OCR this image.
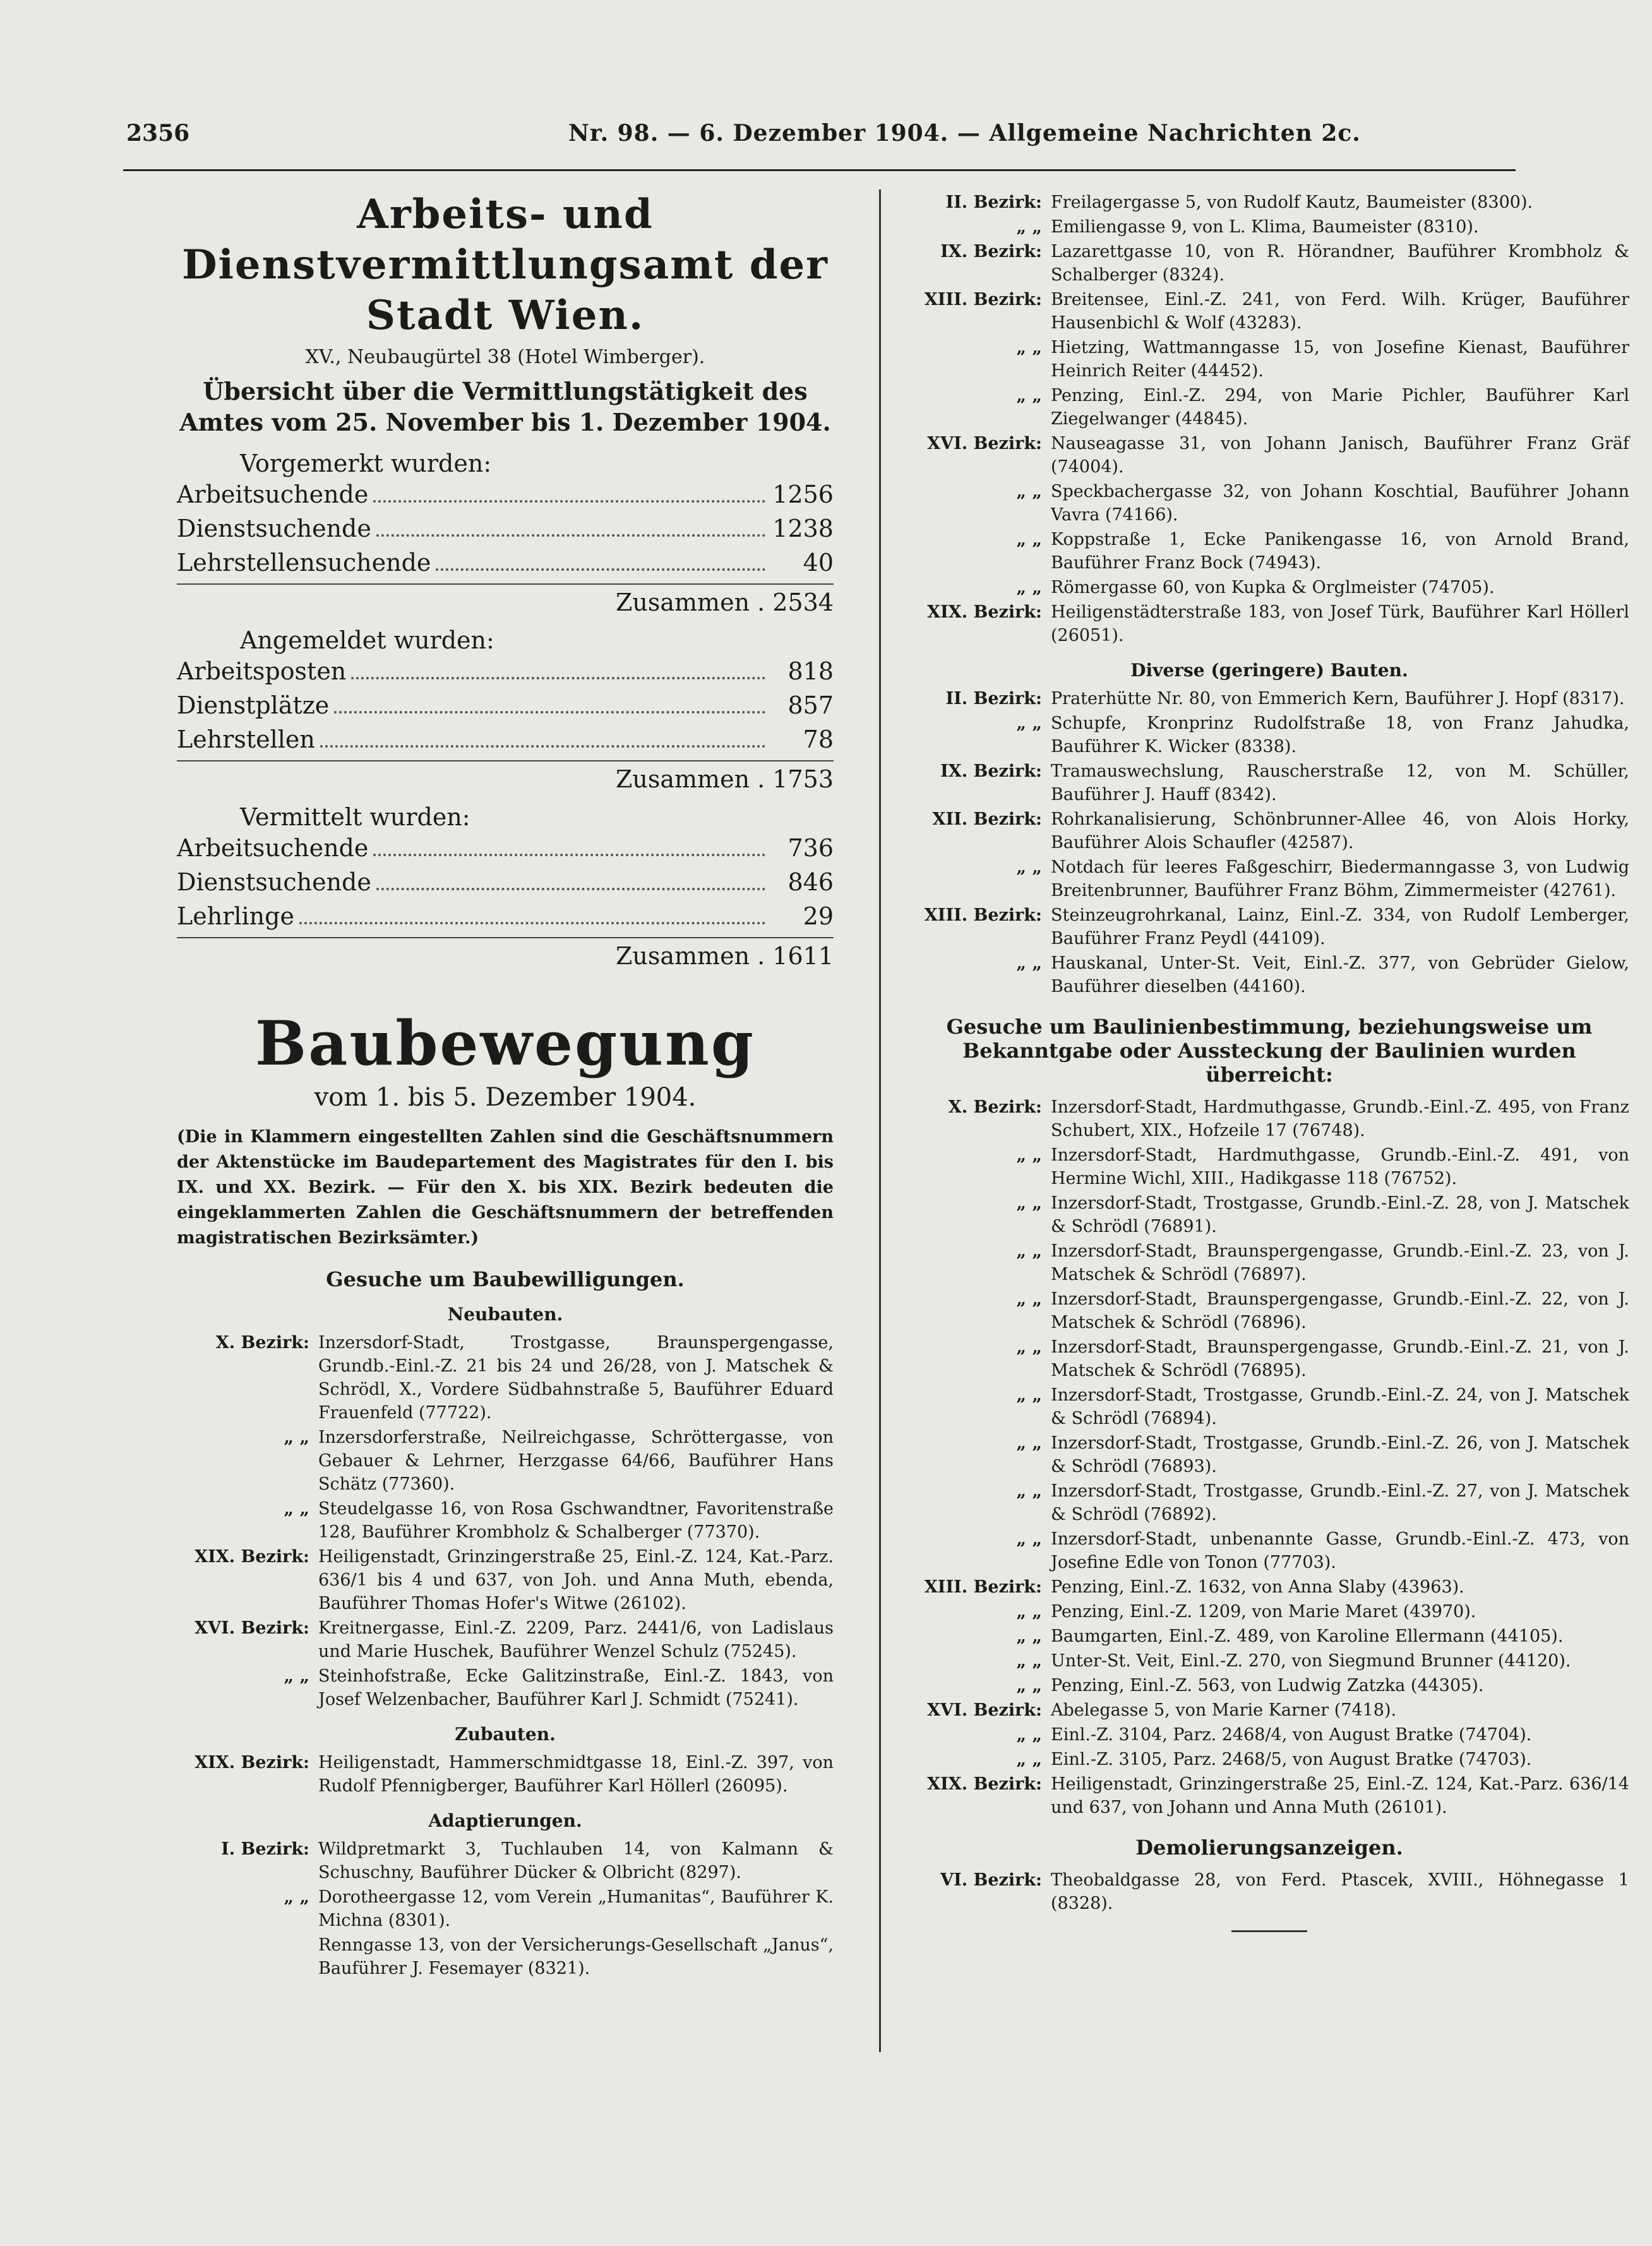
2356	Nr. 98. — 6. Dezember 1904. — Allgemeine Nachrichten 2c.
Arbeits- und Dienstvermittlungsamt der Stadt Wien.
XV., Neubaugürtel 38 (Hotel Wimberger).
Übersicht über die Vermittlungstätigkeit des Amtes vom 25. November bis 1. Dezember 1904.
Vorgemerkt wurden:
Arbeitsuchende	1256
Dienstsuchende	1238
Lehrstellensuchende	40
Zusammen . 2534
Angemeldet wurden:
Arbeitsposten	818
Dienstplätze	857
Lehrstellen	78
Zusammen . 1753
Vermittelt wurden:
Arbeitsuchende	736
Dienstsuchende	846
Lehrlinge	29
Zusammen . 1611
Baubewegung
vom 1. bis 5. Dezember 1904.
(Die in Klammern eingestellten Zahlen sind die Geschäftsnummern der Aktenstücke im Baudepartement des Magistrates für den I. bis IX. und XX. Bezirk. — Für den X. bis XIX. Bezirk bedeuten die eingeklammerten Zahlen die Geschäftsnummern der betreffenden magistratischen Bezirksämter.)
Gesuche um Baubewilligungen.
Neubauten.
X. Bezirk: Inzersdorf-Stadt, Trostgasse, Braunspergengasse, Grundb.-Einl.-Z. 21 bis 24 und 26/28, von J. Matschek & Schrödl, X., Vordere Südbahnstraße 5, Bauführer Eduard Frauenfeld (77722).
„ „ Inzersdorferstraße, Neilreichgasse, Schröttergasse, von Gebauer & Lehrner, Herzgasse 64/66, Bauführer Hans Schätz (77360).
„ „ Steudelgasse 16, von Rosa Gschwandtner, Favoritenstraße 128, Bauführer Krombholz & Schalberger (77370).
XIX. Bezirk: Heiligenstadt, Grinzingerstraße 25, Einl.-Z. 124, Kat.-Parz. 636/1 bis 4 und 637, von Joh. und Anna Muth, ebenda, Bauführer Thomas Hofer's Witwe (26102).
XVI. Bezirk: Kreitnergasse, Einl.-Z. 2209, Parz. 2441/6, von Ladislaus und Marie Huschek, Bauführer Wenzel Schulz (75245).
„ „ Steinhofstraße, Ecke Galitzinstraße, Einl.-Z. 1843, von Josef Welzenbacher, Bauführer Karl J. Schmidt (75241).
Zubauten.
XIX. Bezirk: Heiligenstadt, Hammerschmidtgasse 18, Einl.-Z. 397, von Rudolf Pfennigberger, Bauführer Karl Höllerl (26095).
Adaptierungen.
I. Bezirk: Wildpretmarkt 3, Tuchlauben 14, von Kalmann & Schuschny, Bauführer Dücker & Olbricht (8297).
„ „ Dorotheergasse 12, vom Verein „Humanitas“, Bauführer K. Michna (8301).
Renngasse 13, von der Versicherungs-Gesellschaft „Janus“, Bauführer J. Fesemayer (8321).
II. Bezirk: Freilagergasse 5, von Rudolf Kautz, Baumeister (8300).
„ „ Emiliengasse 9, von L. Klima, Baumeister (8310).
IX. Bezirk: Lazarettgasse 10, von R. Hörandner, Bauführer Krombholz & Schalberger (8324).
XIII. Bezirk: Breitensee, Einl.-Z. 241, von Ferd. Wilh. Krüger, Bauführer Hausenbichl & Wolf (43283).
„ „ Hietzing, Wattmanngasse 15, von Josefine Kienast, Bauführer Heinrich Reiter (44452).
„ „ Penzing, Einl.-Z. 294, von Marie Pichler, Bauführer Karl Ziegelwanger (44845).
XVI. Bezirk: Nauseagasse 31, von Johann Janisch, Bauführer Franz Gräf (74004).
„ „ Speckbachergasse 32, von Johann Koschtial, Bauführer Johann Vavra (74166).
„ „ Koppstraße 1, Ecke Panikengasse 16, von Arnold Brand, Bauführer Franz Bock (74943).
„ „ Römergasse 60, von Kupka & Orglmeister (74705).
XIX. Bezirk: Heiligenstädterstraße 183, von Josef Türk, Bauführer Karl Höllerl (26051).
Diverse (geringere) Bauten.
II. Bezirk: Praterhütte Nr. 80, von Emmerich Kern, Bauführer J. Hopf (8317).
„ „ Schupfe, Kronprinz Rudolfstraße 18, von Franz Jahudka, Bauführer K. Wicker (8338).
IX. Bezirk: Tramauswechslung, Rauscherstraße 12, von M. Schüller, Bauführer J. Hauff (8342).
XII. Bezirk: Rohrkanalisierung, Schönbrunner-Allee 46, von Alois Horky, Bauführer Alois Schaufler (42587).
„ „ Notdach für leeres Faßgeschirr, Biedermanngasse 3, von Ludwig Breitenbrunner, Bauführer Franz Böhm, Zimmermeister (42761).
XIII. Bezirk: Steinzeugrohrkanal, Lainz, Einl.-Z. 334, von Rudolf Lemberger, Bauführer Franz Peydl (44109).
„ „ Hauskanal, Unter-St. Veit, Einl.-Z. 377, von Gebrüder Gielow, Bauführer dieselben (44160).
Gesuche um Baulinienbestimmung, beziehungsweise um Bekanntgabe oder Aussteckung der Baulinien wurden überreicht:
X. Bezirk: Inzersdorf-Stadt, Hardmuthgasse, Grundb.-Einl.-Z. 495, von Franz Schubert, XIX., Hofzeile 17 (76748).
„ „ Inzersdorf-Stadt, Hardmuthgasse, Grundb.-Einl.-Z. 491, von Hermine Wichl, XIII., Hadikgasse 118 (76752).
„ „ Inzersdorf-Stadt, Trostgasse, Grundb.-Einl.-Z. 28, von J. Matschek & Schrödl (76891).
„ „ Inzersdorf-Stadt, Braunspergengasse, Grundb.-Einl.-Z. 23, von J. Matschek & Schrödl (76897).
„ „ Inzersdorf-Stadt, Braunspergengasse, Grundb.-Einl.-Z. 22, von J. Matschek & Schrödl (76896).
„ „ Inzersdorf-Stadt, Braunspergengasse, Grundb.-Einl.-Z. 21, von J. Matschek & Schrödl (76895).
„ „ Inzersdorf-Stadt, Trostgasse, Grundb.-Einl.-Z. 24, von J. Matschek & Schrödl (76894).
„ „ Inzersdorf-Stadt, Trostgasse, Grundb.-Einl.-Z. 26, von J. Matschek & Schrödl (76893).
„ „ Inzersdorf-Stadt, Trostgasse, Grundb.-Einl.-Z. 27, von J. Matschek & Schrödl (76892).
„ „ Inzersdorf-Stadt, unbenannte Gasse, Grundb.-Einl.-Z. 473, von Josefine Edle von Tonon (77703).
XIII. Bezirk: Penzing, Einl.-Z. 1632, von Anna Slaby (43963).
„ „ Penzing, Einl.-Z. 1209, von Marie Maret (43970).
„ „ Baumgarten, Einl.-Z. 489, von Karoline Ellermann (44105).
„ „ Unter-St. Veit, Einl.-Z. 270, von Siegmund Brunner (44120).
„ „ Penzing, Einl.-Z. 563, von Ludwig Zatzka (44305).
XVI. Bezirk: Abelegasse 5, von Marie Karner (7418).
„ „ Einl.-Z. 3104, Parz. 2468/4, von August Bratke (74704).
„ „ Einl.-Z. 3105, Parz. 2468/5, von August Bratke (74703).
XIX. Bezirk: Heiligenstadt, Grinzingerstraße 25, Einl.-Z. 124, Kat.-Parz. 636/14 und 637, von Johann und Anna Muth (26101).
Demolierungsanzeigen.
VI. Bezirk: Theobaldgasse 28, von Ferd. Ptascek, XVIII., Höhnegasse 1 (8328).
